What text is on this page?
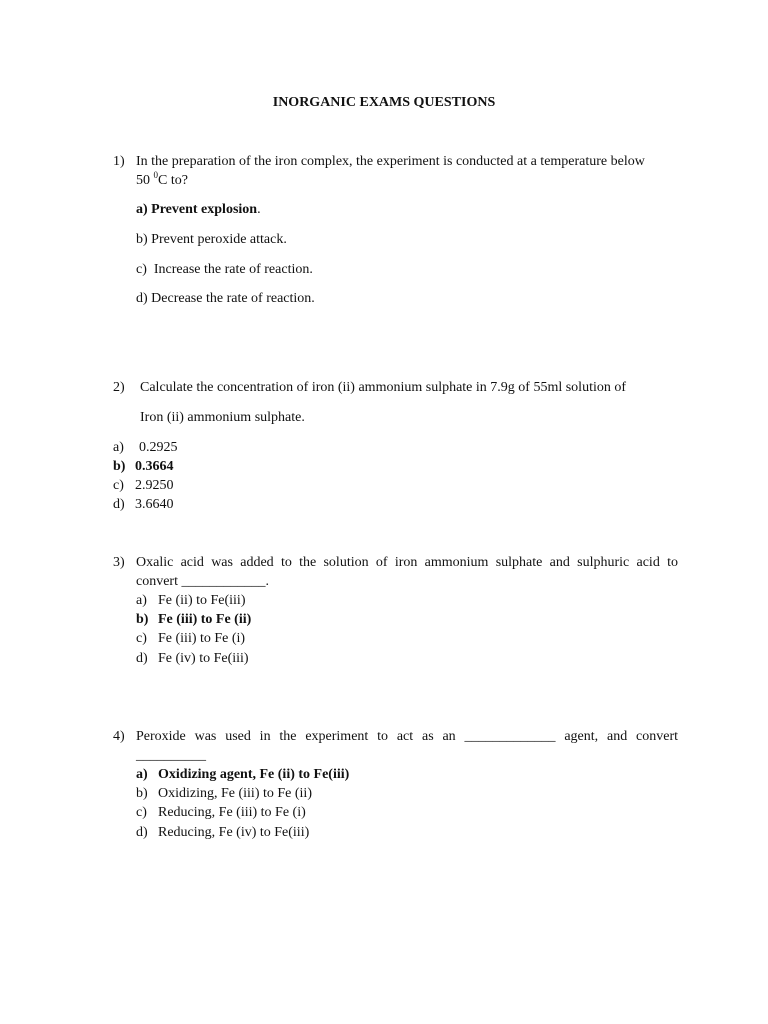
INORGANIC EXAMS QUESTIONS
1) In the preparation of the iron complex, the experiment is conducted at a temperature below
50 $^0$C to?
a) Prevent explosion.
b) Prevent peroxide attack.
c) Increase the rate of reaction.
d) Decrease the rate of reaction.
2) Calculate the concentration of iron (ii) ammonium sulphate in 7.9g of 55ml solution of
Iron (ii) ammonium sulphate.
a) 0.2925
b) 0.3664
c) 2.9250
d) 3.6640
3) Oxalic acid was added to the solution of iron ammonium sulphate and sulphuric acid to
convert ____________.
a) Fe (ii) to Fe(iii)
b) Fe (iii) to Fe (ii)
c) Fe (iii) to Fe (i)
d) Fe (iv) to Fe(iii)
4) Peroxide was used in the experiment to act as an _____________ agent, and convert
__________
a) Oxidizing agent, Fe (ii) to Fe(iii)
b) Oxidizing, Fe (iii) to Fe (ii)
c) Reducing, Fe (iii) to Fe (i)
d) Reducing, Fe (iv) to Fe(iii)
